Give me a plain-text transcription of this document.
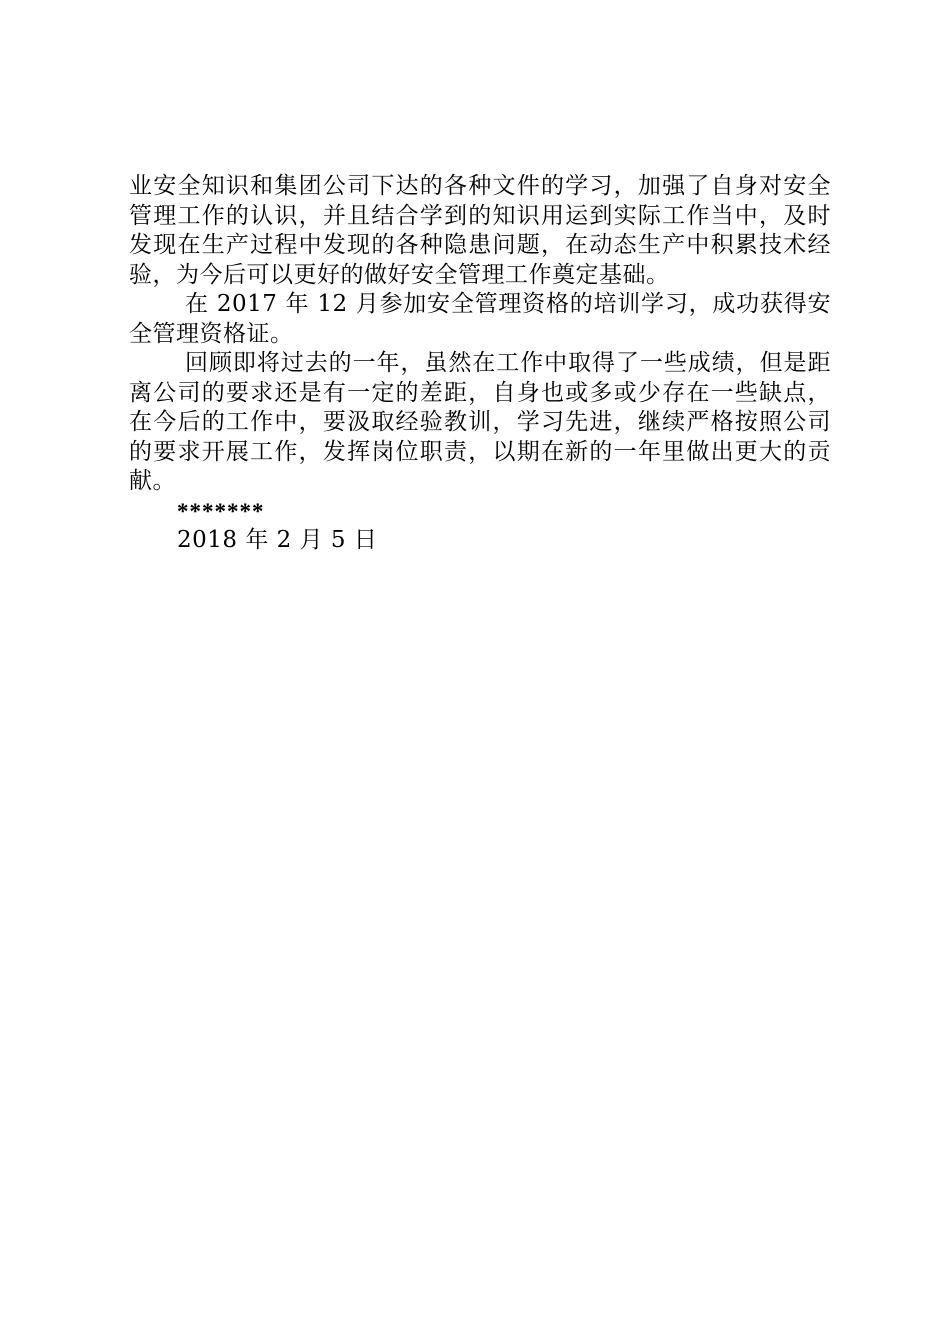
业安全知识和集团公司下达的各种文件的学习，加强了自身对安全管理工作的认识，并且结合学到的知识用运到实际工作当中，及时发现在生产过程中发现的各种隐患问题，在动态生产中积累技术经验，为今后可以更好的做好安全管理工作奠定基础。

在 2017 年 12 月参加安全管理资格的培训学习，成功获得安全管理资格证。

回顾即将过去的一年，虽然在工作中取得了一些成绩，但是距离公司的要求还是有一定的差距，自身也或多或少存在一些缺点，在今后的工作中，要汲取经验教训，学习先进，继续严格按照公司的要求开展工作，发挥岗位职责，以期在新的一年里做出更大的贡献。

*******

2018 年 2 月 5 日
